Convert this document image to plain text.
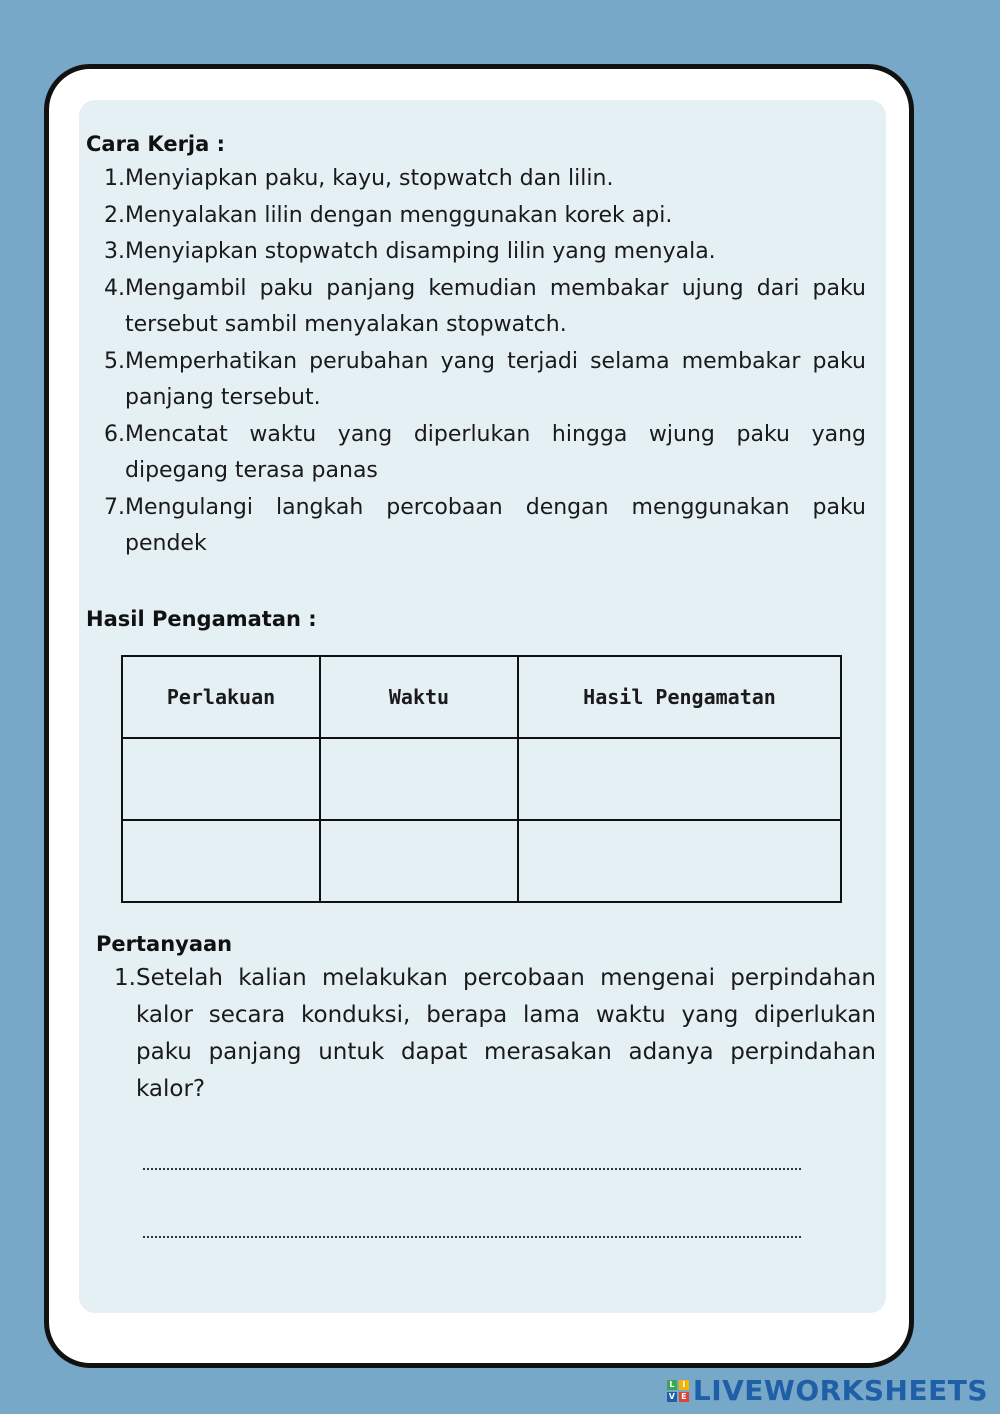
Cara Kerja :
1. Menyiapkan paku, kayu, stopwatch dan lilin.
2. Menyalakan lilin dengan menggunakan korek api.
3. Menyiapkan stopwatch disamping lilin yang menyala.
4. Mengambil paku panjang kemudian membakar ujung dari paku tersebut sambil menyalakan stopwatch.
5. Memperhatikan perubahan yang terjadi selama membakar paku panjang tersebut.
6. Mencatat waktu yang diperlukan hingga wjung paku yang dipegang terasa panas
7. Mengulangi langkah percobaan dengan menggunakan paku pendek
Hasil Pengamatan :
Perlakuan	Waktu	Hasil Pengamatan

Pertanyaan
1. Setelah kalian melakukan percobaan mengenai perpindahan kalor secara konduksi, berapa lama waktu yang diperlukan paku panjang untuk dapat merasakan adanya perpindahan kalor?
L I
V E LIVEWORKSHEETS
